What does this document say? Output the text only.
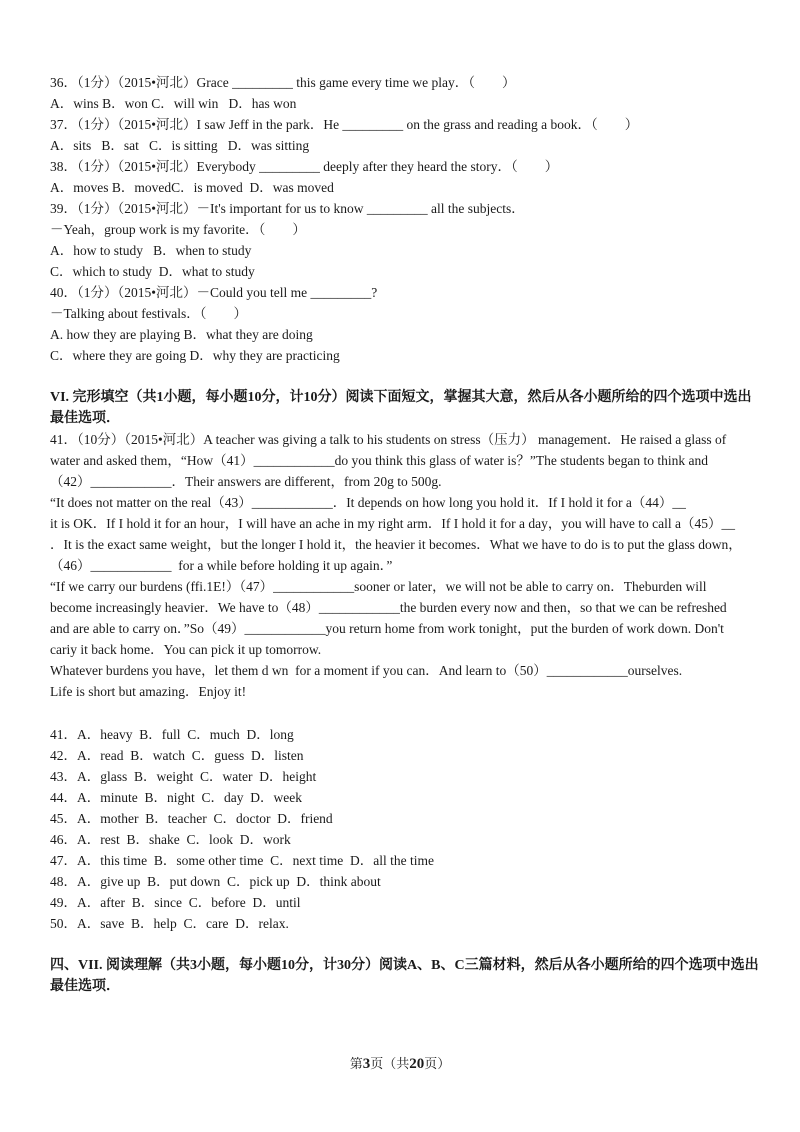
36．（1分）（2015•河北）Grace _________ this game every time we play．（　　）
A．wins B．won C．will win   D．has won
37．（1分）（2015•河北）I saw Jeff in the park．He _________ on the grass and reading a book．（　　）
A．sits   B．sat   C．is sitting   D．was sitting
38．（1分）（2015•河北）Everybody _________ deeply after they heard the story．（　　）
A．moves B．movedC．is moved  D．was moved
39．（1分）（2015•河北）－It's important for us to know _________ all the subjects．
－Yeah，group work is my favorite．（　　）
A．how to study   B．when to study
C．which to study  D．what to study
40．（1分）（2015•河北）－Could you tell me _________?
－Talking about festivals．（　　）
A. how they are playing B．what they are doing
C．where they are going D．why they are practicing
VI. 完形填空（共1小题，每小题10分，计10分）阅读下面短文，掌握其大意，然后从各小题所给的四个选项中选出
最佳选项．
41．（10分）（2015•河北）A teacher was giving a talk to his students on stress（压力） management．He raised a glass of
water and asked them，“How（41）____________do you think this glass of water is？”The students began to think and
（42）____________．Their answers are different，from 20g to 500g.
“It does not matter on the real（43）____________．It depends on how long you hold it．If I hold it for a（44）__
it is OK．If I hold it for an hour，I will have an ache in my right arm．If I hold it for a day，you will have to call a（45）__
．It is the exact same weight，but the longer I hold it，the heavier it becomes．What we have to do is to put the glass down，
（46）____________  for a while before holding it up again．”
“If we carry our burdens (ffi.1E!）（47）____________sooner or later，we will not be able to carry on．Theburden will
become increasingly heavier．We have to（48）____________the burden every now and then，so that we can be refreshed
and are able to carry on．”So（49）____________you return home from work tonight，put the burden of work down. Don't
cariy it back home．You can pick it up tomorrow.
Whatever burdens you have，let them d wn  for a moment if you can．And learn to（50）____________ourselves.
Life is short but amazing．Enjoy it!
41．A．heavy  B．full  C．much  D．long
42．A．read  B．watch  C．guess  D．listen
43．A．glass  B．weight  C．water  D．height
44．A．minute  B．night  C．day  D．week
45．A．mother  B．teacher  C．doctor  D．friend
46．A．rest  B．shake  C．look  D．work
47．A．this time  B．some other time  C．next time  D．all the time
48．A．give up  B．put down  C．pick up  D．think about
49．A．after  B．since  C．before  D．until
50．A．save  B．help  C．care  D．relax.
四、VII. 阅读理解（共3小题，每小题10分，计30分）阅读A、B、C三篇材料，然后从各小题所给的四个选项中选出
最佳选项．
第3页（共20页）
